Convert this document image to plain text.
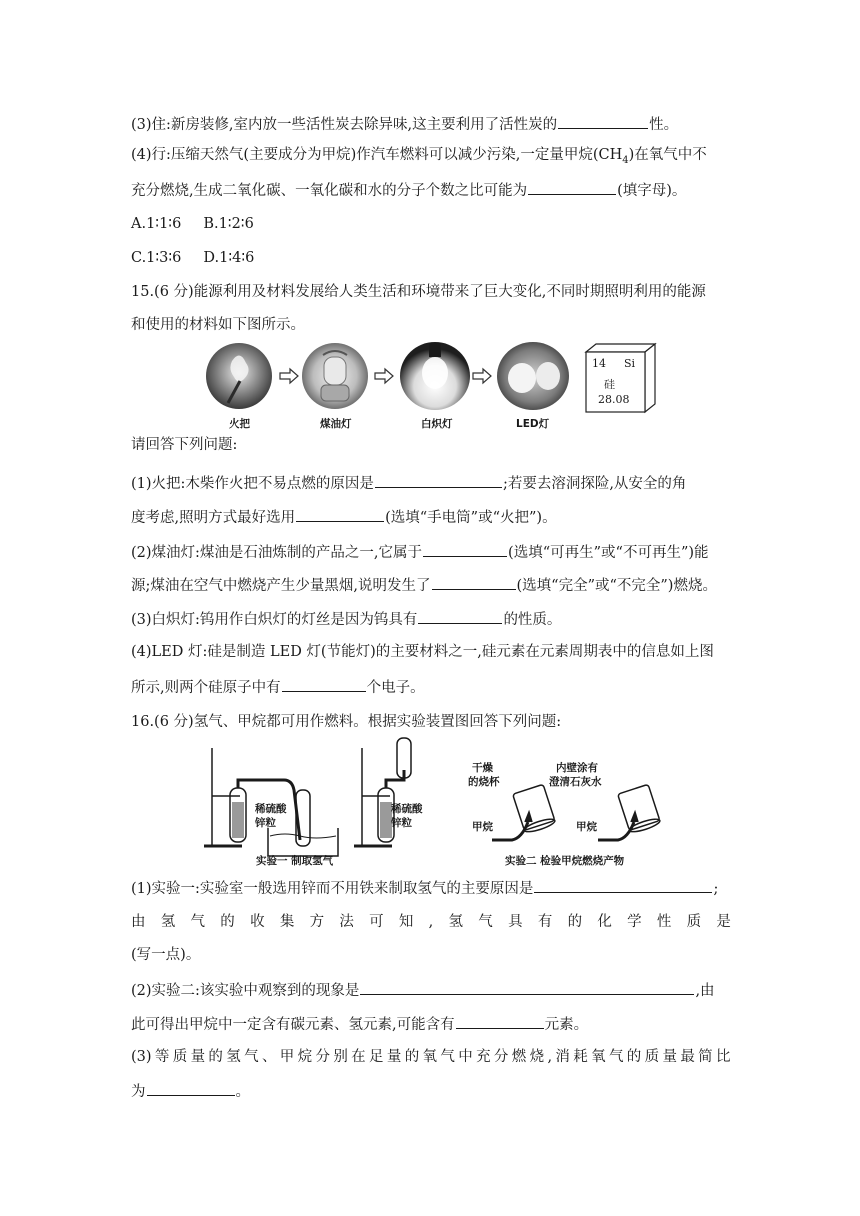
(3)住:新房装修,室内放一些活性炭去除异味,这主要利用了活性炭的	性。
(4)行:压缩天然气(主要成分为甲烷)作汽车燃料可以减少污染,一定量甲烷$(CH_4)$在氧气中不
充分燃烧,生成二氧化碳、一氧化碳和水的分子个数之比可能为	(填字母)。
A.1∶1∶6 B.1∶2∶6
C.1∶3∶6 D.1∶4∶6
15.(6 分)能源利用及材料发展给人类生活和环境带来了巨大变化,不同时期照明利用的能源
和使用的材料如下图所示。
14 Si
硅
28.08
火把	煤油灯	白炽灯	LED灯
请回答下列问题:
(1)火把:木柴作火把不易点燃的原因是	;若要去溶洞探险,从安全的角
度考虑,照明方式最好选用	(选填“手电筒”或“火把”)。
(2)煤油灯:煤油是石油炼制的产品之一,它属于	(选填“可再生”或“不可再生”)能
源;煤油在空气中燃烧产生少量黑烟,说明发生了	(选填“完全”或“不完全”)燃烧。
(3)白炽灯:钨用作白炽灯的灯丝是因为钨具有	的性质。
(4)LED 灯:硅是制造 LED 灯(节能灯)的主要材料之一,硅元素在元素周期表中的信息如上图
所示,则两个硅原子中有	个电子。
16.(6 分)氢气、甲烷都可用作燃料。根据实验装置图回答下列问题:
稀硫酸
锌粒
稀硫酸
锌粒
实验一 制取氢气
干燥
的烧杯
甲烷
内壁涂有
澄清石灰水
甲烷
实验二 检验甲烷燃烧产物
(1)实验一:实验室一般选用锌而不用铁来制取氢气的主要原因是	;
由 氢 气 的 收 集 方 法 可 知 , 氢 气 具 有 的 化 学 性 质 是
(写一点)。
(2)实验二:该实验中观察到的现象是	,由
此可得出甲烷中一定含有碳元素、氢元素,可能含有	元素。
(3) 等 质 量 的 氢 气 、 甲 烷 分 别 在 足 量 的 氧 气 中 充 分 燃 烧 , 消 耗 氧 气 的 质 量 最 简 比
为	。
